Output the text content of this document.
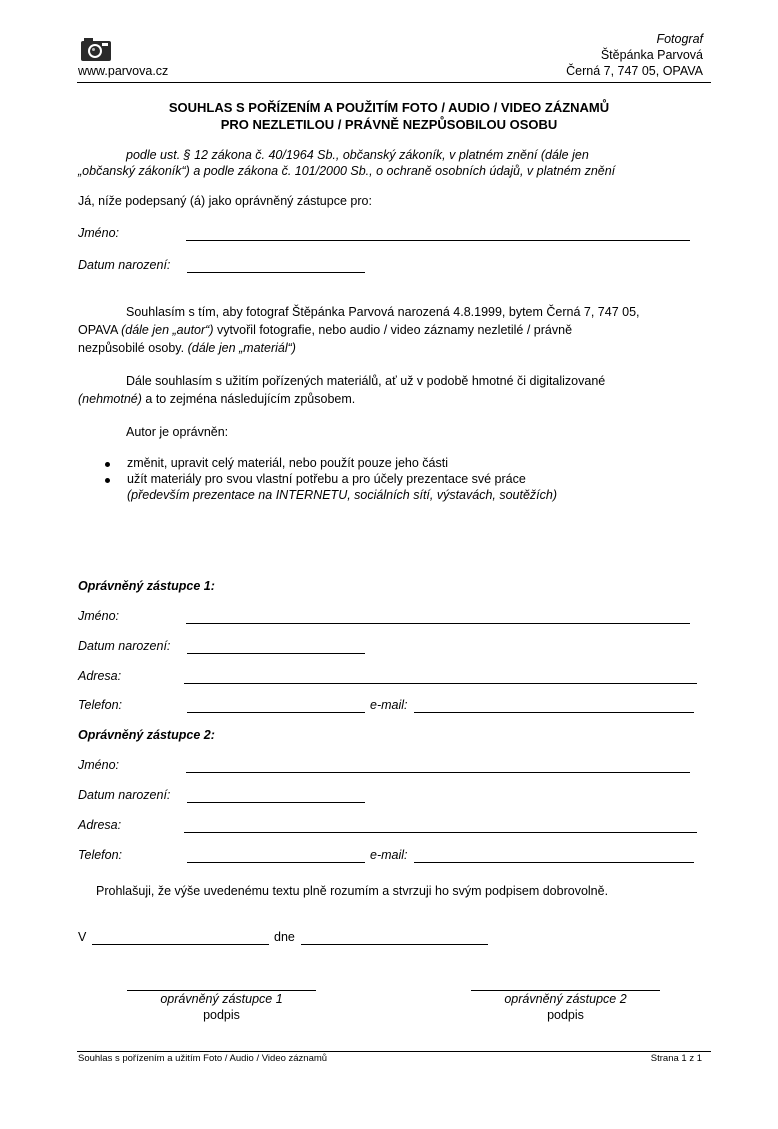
www.parvova.cz
Fotograf
Štěpánka Parvová
Černá 7, 747 05, OPAVA
SOUHLAS S POŘÍZENÍM A POUŽITÍM FOTO / AUDIO / VIDEO ZÁZNAMŮ
PRO NEZLETILOU / PRÁVNĚ NEZPŮSOBILOU OSOBU
podle ust. § 12 zákona č. 40/1964 Sb., občanský zákoník, v platném znění (dále jen
„občanský zákoník“) a podle zákona č. 101/2000 Sb., o ochraně osobních údajů, v platném znění
Já, níže podepsaný (á) jako oprávněný zástupce pro:
Jméno:
Datum narození:
Souhlasím s tím, aby fotograf Štěpánka Parvová narozená 4.8.1999, bytem Černá 7, 747 05,
OPAVA (dále jen „autor“) vytvořil fotografie, nebo audio / video záznamy nezletilé / právně
nezpůsobilé osoby. (dále jen „materiál“)
Dále souhlasím s užitím pořízených materiálů, ať už v podobě hmotné či digitalizované
(nehmotné) a to zejména následujícím způsobem.
Autor je oprávněn:
změnit, upravit celý materiál, nebo použít pouze jeho části
užít materiály pro svou vlastní potřebu a pro účely prezentace své práce
(především prezentace na INTERNETU, sociálních sítí, výstavách, soutěžích)
Oprávněný zástupce 1:
Jméno:
Datum narození:
Adresa:
Telefon:	e-mail:
Oprávněný zástupce 2:
Jméno:
Datum narození:
Adresa:
Telefon:	e-mail:
Prohlašuji, že výše uvedenému textu plně rozumím a stvrzuji ho svým podpisem dobrovolně.
V	dne
oprávněný zástupce 1
podpis
oprávněný zástupce 2
podpis
Souhlas s pořízením a užitím Foto / Audio / Video záznamů	Strana 1 z 1
